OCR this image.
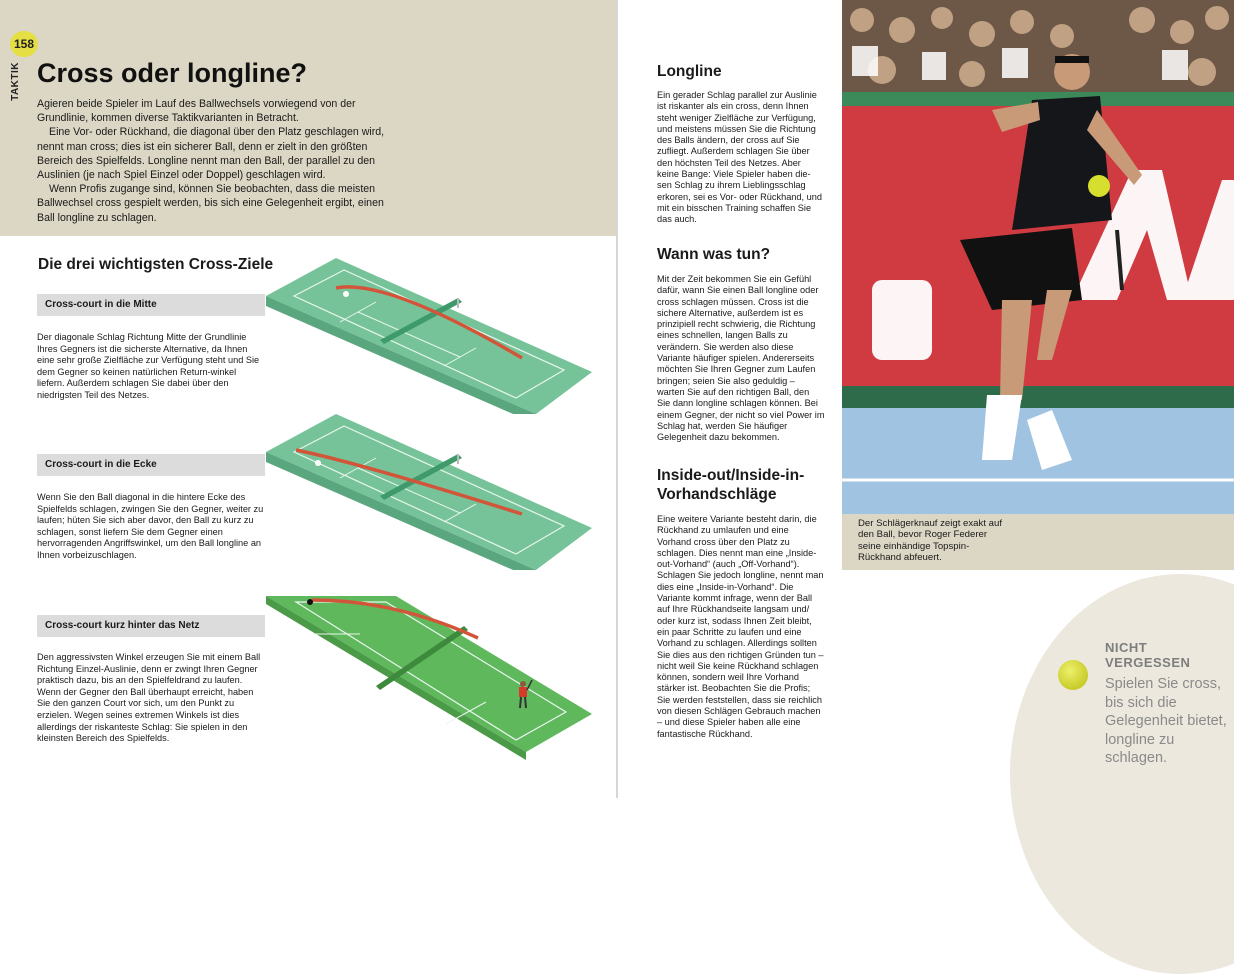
158
TAKTIK Cross oder longline?

Agieren beide Spieler im Lauf des Ballwechsels vorwiegend von der Grundlinie, kommen diverse Taktikvarianten in Betracht.

Eine Vor- oder Rückhand, die diagonal über den Platz geschlagen wird, nennt man cross; dies ist ein sicherer Ball, denn er zielt in den größten Bereich des Spielfelds. Longline nennt man den Ball, der parallel zu den Auslinien (je nach Spiel Einzel oder Doppel) geschlagen wird.

Wenn Profis zugange sind, können Sie beobachten, dass die meisten Ballwechsel cross gespielt werden, bis sich eine Gelegenheit ergibt, einen Ball longline zu schlagen.

Die drei wichtigsten Cross-Ziele
Cross-court in die Mitte

Der diagonale Schlag Richtung Mitte der Grundlinie Ihres Gegners ist die sicherste Alternative, da Ihnen eine sehr große Zielfläche zur Verfügung steht und Sie dem Gegner so keinen natürlichen Return-winkel liefern. Außerdem schlagen Sie dabei über den niedrigsten Teil des Netzes.

Cross-court in die Ecke

Wenn Sie den Ball diagonal in die hintere Ecke des Spielfelds schlagen, zwingen Sie den Gegner, weiter zu laufen; hüten Sie sich aber davor, den Ball zu kurz zu schlagen, sonst liefern Sie dem Gegner einen hervorragenden Angriffswinkel, um den Ball longline an Ihnen vorbeizuschlagen.

Cross-court kurz hinter das Netz

Den aggressivsten Winkel erzeugen Sie mit einem Ball Richtung Einzel-Auslinie, denn er zwingt Ihren Gegner praktisch dazu, bis an den Spielfeldrand zu laufen. Wenn der Gegner den Ball überhaupt erreicht, haben Sie den ganzen Court vor sich, um den Punkt zu erzielen. Wegen seines extremen Winkels ist dies allerdings der riskanteste Schlag: Sie spielen in den kleinsten Bereich des Spielfelds.

Longline

Ein gerader Schlag parallel zur Auslinie ist riskanter als ein cross, denn Ihnen steht weniger Zielfläche zur Verfügung, und meistens müssen Sie die Richtung des Balls ändern, der cross auf Sie zufliegt. Außerdem schlagen Sie über den höchsten Teil des Netzes. Aber keine Bange: Viele Spieler haben die-sen Schlag zu ihrem Lieblingsschlag erkoren, sei es Vor- oder Rückhand, und mit ein bisschen Training schaffen Sie das auch.

Wann was tun?

Mit der Zeit bekommen Sie ein Gefühl dafür, wann Sie einen Ball longline oder cross schlagen müssen. Cross ist die sichere Alternative, außerdem ist es prinzipiell recht schwierig, die Richtung eines schnellen, langen Balls zu verändern. Sie werden also diese Variante häufiger spielen. Andererseits möchten Sie Ihren Gegner zum Laufen bringen; seien Sie also geduldig – warten Sie auf den richtigen Ball, den Sie dann longline schlagen können. Bei einem Gegner, der nicht so viel Power im Schlag hat, werden Sie häufiger Gelegenheit dazu bekommen.

Inside-out/Inside-in-Vorhandschläge

Eine weitere Variante besteht darin, die Rückhand zu umlaufen und eine Vorhand cross über den Platz zu schlagen. Dies nennt man eine „Inside-out-Vorhand“ (auch „Off-Vorhand“). Schlagen Sie jedoch longline, nennt man dies eine „Inside-in-Vorhand“. Die Variante kommt infrage, wenn der Ball auf Ihre Rückhandseite langsam und/ oder kurz ist, sodass Ihnen Zeit bleibt, ein paar Schritte zu laufen und eine Vorhand zu schlagen. Allerdings sollten Sie dies aus den richtigen Gründen tun – nicht weil Sie keine Rückhand schlagen können, sondern weil Ihre Vorhand stärker ist. Beobachten Sie die Profis; Sie werden feststellen, dass sie reichlich von diesen Schlägen Gebrauch machen – und diese Spieler haben alle eine fantastische Rückhand.

Der Schlägerknauf zeigt exakt auf den Ball, bevor Roger Federer seine einhändige Topspin-Rückhand abfeuert.

NICHT VERGESSEN

Spielen Sie cross, bis sich die Gelegenheit bietet, longline zu schlagen.
